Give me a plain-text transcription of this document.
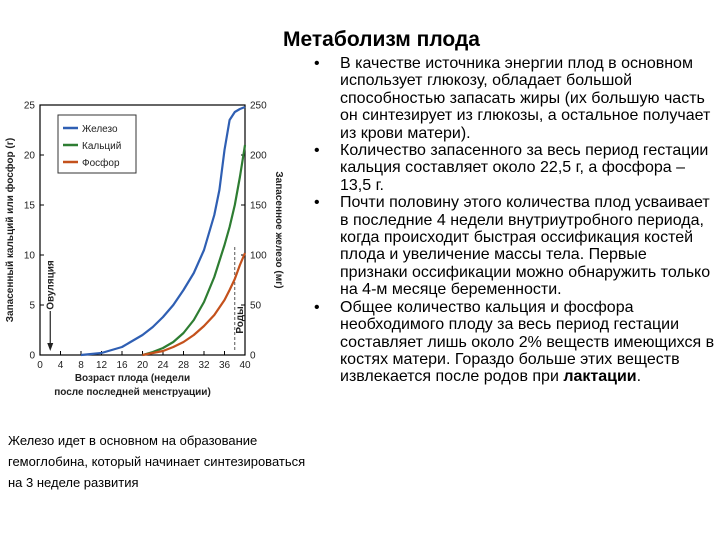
Метаболизм плода
• В качестве источника энергии плод в основном использует глюкозу, обладает большой способностью запасать жиры (их большую часть он синтезирует из глюкозы, а остальное получает из крови матери).
• Количество запасенного за весь период гестации кальция составляет около 22,5 г, а фосфора – 13,5 г.
• Почти половину этого количества плод усваивает в последние 4 недели внутриутробного периода, когда происходит быстрая оссификация костей плода и увеличение массы тела. Первые признаки оссификации можно обнаружить только на 4-м месяце беременности.
• Общее количество кальция и фосфора необходимого плоду за весь период гестации составляет лишь около 2% веществ имеющихся в костях матери. Гораздо больше этих веществ извлекается после родов при лактации.
Железо идет в основном на образование гемоглобина, который начинает синтезироваться на 3 неделе развития
0 4 8 12 16 20 24 28 32 36 40
0
5
10
15
20
25
0
50
100
150
200
250
Запасенный кальций или фосфор (г)	Запасенное железо (мг)
Возраст плода (недели
после последней менструации)
Железо
Кальций
Фосфор
Овуляция
Роды
